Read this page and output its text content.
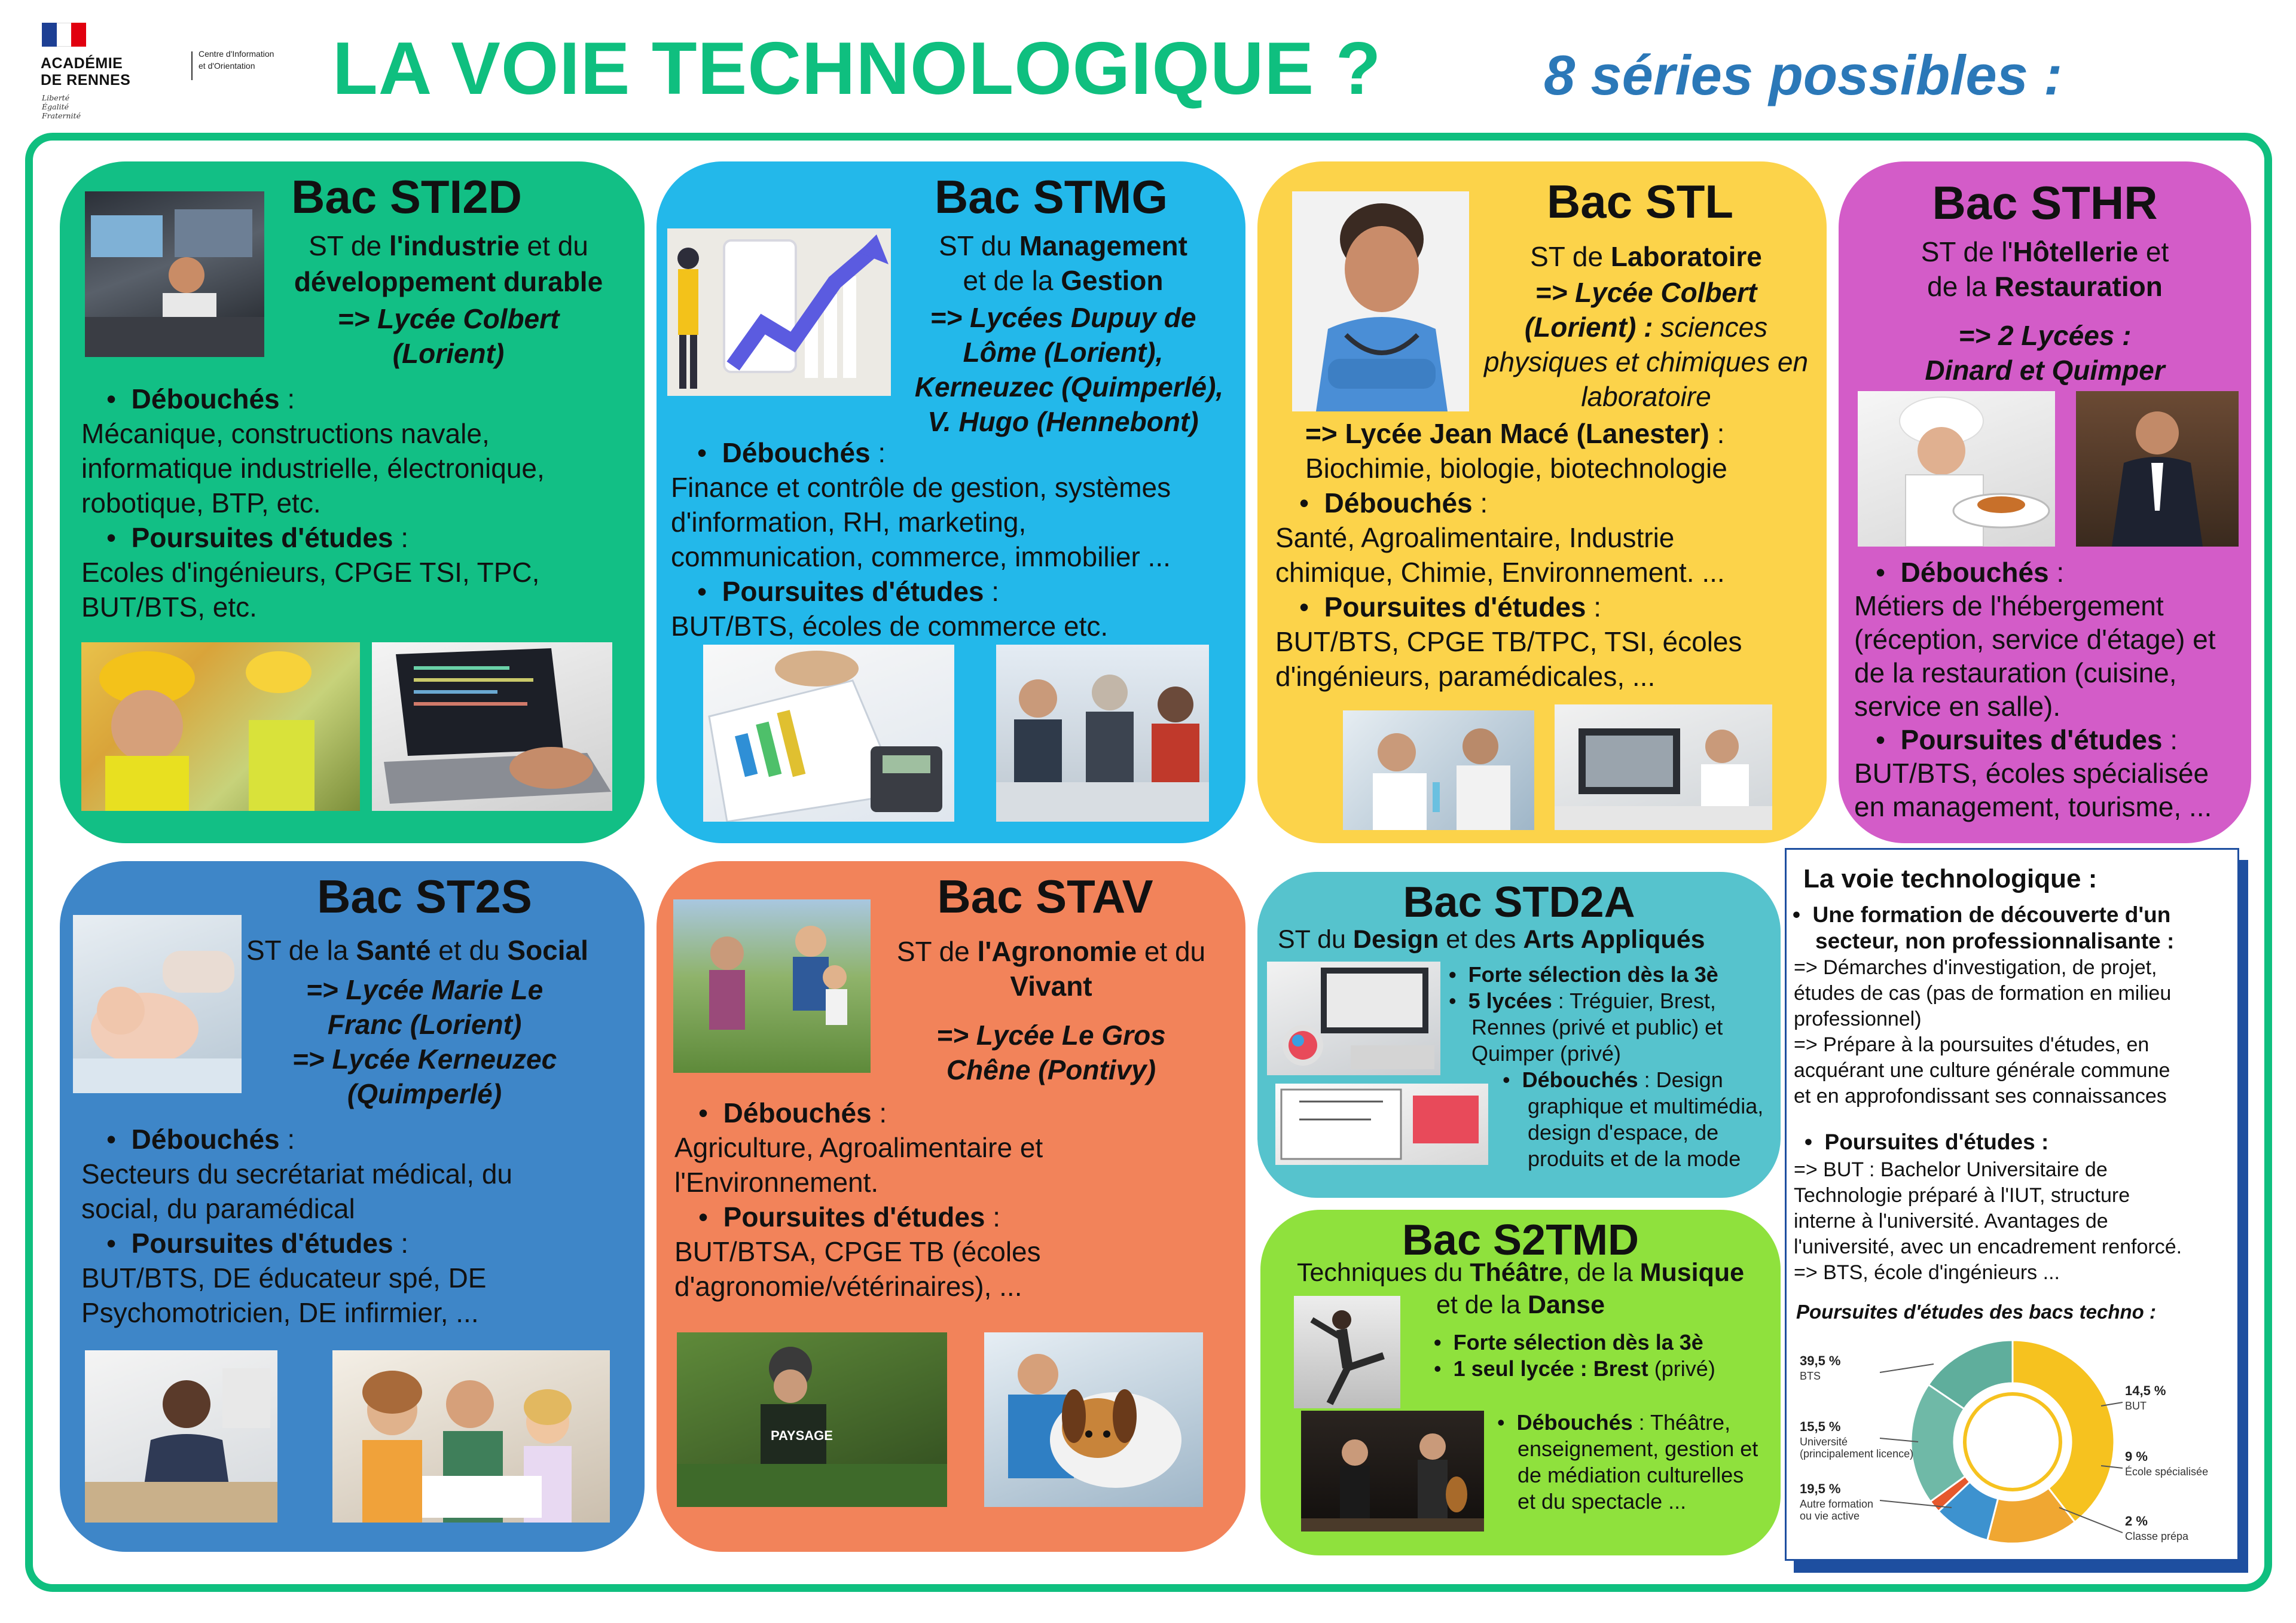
ACADÉMIE
DE RENNES
Liberté
Égalité
Fraternité
Centre d'Information
et d'Orientation LA VOIE TECHNOLOGIQUE ?	8 séries possibles :
Bac STI2D
ST de l'industrie et du
développement durable
=> Lycée Colbert
(Lorient)
•  Débouchés :
Mécanique, constructions navale,
informatique industrielle, électronique,
robotique, BTP, etc.
•  Poursuites d'études :
Ecoles d'ingénieurs, CPGE TSI, TPC,
BUT/BTS, etc.
Bac STMG
ST du Management
et de la Gestion
=> Lycées Dupuy de
Lôme (Lorient),
Kerneuzec (Quimperlé),
V. Hugo (Hennebont)
•  Débouchés :
Finance et contrôle de gestion, systèmes
d'information, RH, marketing,
communication, commerce, immobilier ...
•  Poursuites d'études :
BUT/BTS, écoles de commerce etc.
Bac STL
ST de Laboratoire
=> Lycée Colbert
(Lorient) : sciences
physiques et chimiques en
laboratoire
=> Lycée Jean Macé (Lanester) :
Biochimie, biologie, biotechnologie
•  Débouchés :
Santé, Agroalimentaire, Industrie
chimique, Chimie, Environnement. ...
•  Poursuites d'études :
BUT/BTS, CPGE TB/TPC, TSI, écoles
d'ingénieurs, paramédicales, ...
Bac STHR
ST de l'Hôtellerie et
de la Restauration
=> 2 Lycées :
Dinard et Quimper
•  Débouchés :
Métiers de l'hébergement
(réception, service d'étage) et
de la restauration (cuisine,
service en salle).
•  Poursuites d'études :
BUT/BTS, écoles spécialisée
en management, tourisme, ...
Bac ST2S
ST de la Santé et du Social
=> Lycée Marie Le
Franc (Lorient)
=> Lycée Kerneuzec
(Quimperlé)
•  Débouchés :
Secteurs du secrétariat médical, du
social, du paramédical
•  Poursuites d'études :
BUT/BTS, DE éducateur spé, DE
Psychomotricien, DE infirmier, ...
Bac STAV
ST de l'Agronomie et du
Vivant
=> Lycée Le Gros
Chêne (Pontivy)
•  Débouchés :
Agriculture, Agroalimentaire et
l'Environnement.
•  Poursuites d'études :
BUT/BTSA, CPGE TB (écoles
d'agronomie/vétérinaires), ...
PAYSAGE
Bac STD2A
ST du Design et des Arts Appliqués
•  Forte sélection dès la 3è
•  5 lycées : Tréguier, Brest,
Rennes (privé et public) et
Quimper (privé)
•  Débouchés : Design
graphique et multimédia,
design d'espace, de
produits et de la mode
Bac S2TMD
Techniques du Théâtre, de la Musique
et de la Danse
•  Forte sélection dès la 3è
•  1 seul lycée : Brest (privé)
•  Débouchés : Théâtre,
enseignement, gestion et
de médiation culturelles
et du spectacle ...
La voie technologique :
•  Une formation de découverte d'un
secteur, non professionnalisante :
=> Démarches d'investigation, de projet,
études de cas (pas de formation en milieu
professionnel)
=> Prépare à la poursuites d'études, en
acquérant une culture générale commune
et en approfondissant ses connaissances
•  Poursuites d'études :
=> BUT : Bachelor Universitaire de
Technologie préparé à l'IUT, structure
interne à l'université. Avantages de
l'université, avec un encadrement renforcé.
=> BTS, école d'ingénieurs ...
Poursuites d'études des bacs techno :
39,5 %
BTS
14,5 %
BUT
9 %
École spécialisée
2 %
Classe prépa
19,5 %
Autre formation
ou vie active
15,5 %
Université
(principalement licence)
